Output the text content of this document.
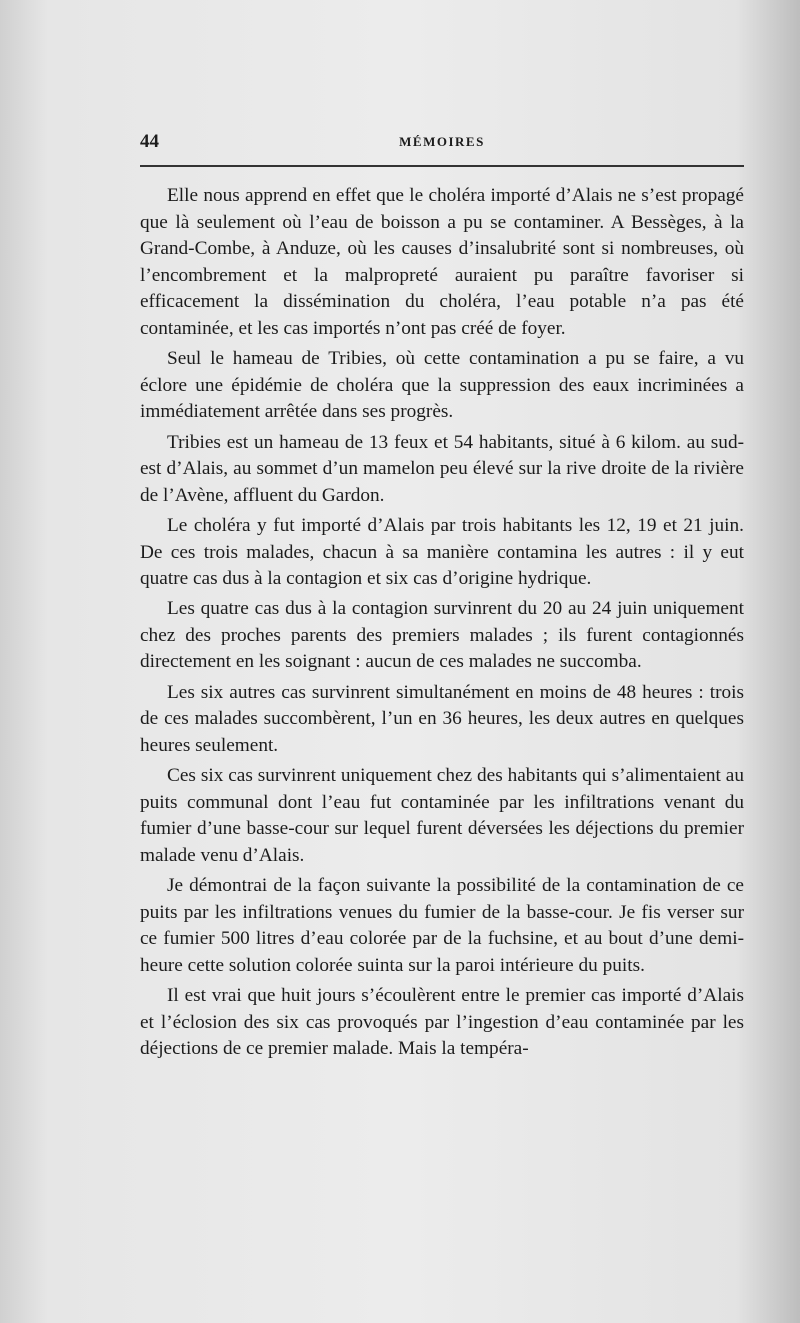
44	MÉMOIRES

Elle nous apprend en effet que le choléra importé d’Alais ne s’est propagé que là seulement où l’eau de boisson a pu se contaminer. A Bessèges, à la Grand-Combe, à Anduze, où les causes d’insalubrité sont si nombreuses, où l’encombrement et la malpropreté auraient pu paraître favoriser si efficacement la dissémination du choléra, l’eau potable n’a pas été contaminée, et les cas importés n’ont pas créé de foyer.

Seul le hameau de Tribies, où cette contamination a pu se faire, a vu éclore une épidémie de choléra que la suppression des eaux incriminées a immédiatement arrêtée dans ses progrès.

Tribies est un hameau de 13 feux et 54 habitants, situé à 6 kilom. au sud-est d’Alais, au sommet d’un mamelon peu élevé sur la rive droite de la rivière de l’Avène, affluent du Gardon.

Le choléra y fut importé d’Alais par trois habitants les 12, 19 et 21 juin. De ces trois malades, chacun à sa manière contamina les autres : il y eut quatre cas dus à la contagion et six cas d’origine hydrique.

Les quatre cas dus à la contagion survinrent du 20 au 24 juin uniquement chez des proches parents des premiers malades ; ils furent contagionnés directement en les soignant : aucun de ces malades ne succomba.

Les six autres cas survinrent simultanément en moins de 48 heures : trois de ces malades succombèrent, l’un en 36 heures, les deux autres en quelques heures seulement.

Ces six cas survinrent uniquement chez des habitants qui s’alimentaient au puits communal dont l’eau fut contaminée par les infiltrations venant du fumier d’une basse-cour sur lequel furent déversées les déjections du premier malade venu d’Alais.

Je démontrai de la façon suivante la possibilité de la contamination de ce puits par les infiltrations venues du fumier de la basse-cour. Je fis verser sur ce fumier 500 litres d’eau colorée par de la fuchsine, et au bout d’une demi-heure cette solution colorée suinta sur la paroi intérieure du puits.

Il est vrai que huit jours s’écoulèrent entre le premier cas importé d’Alais et l’éclosion des six cas provoqués par l’ingestion d’eau contaminée par les déjections de ce premier malade. Mais la tempéra-
